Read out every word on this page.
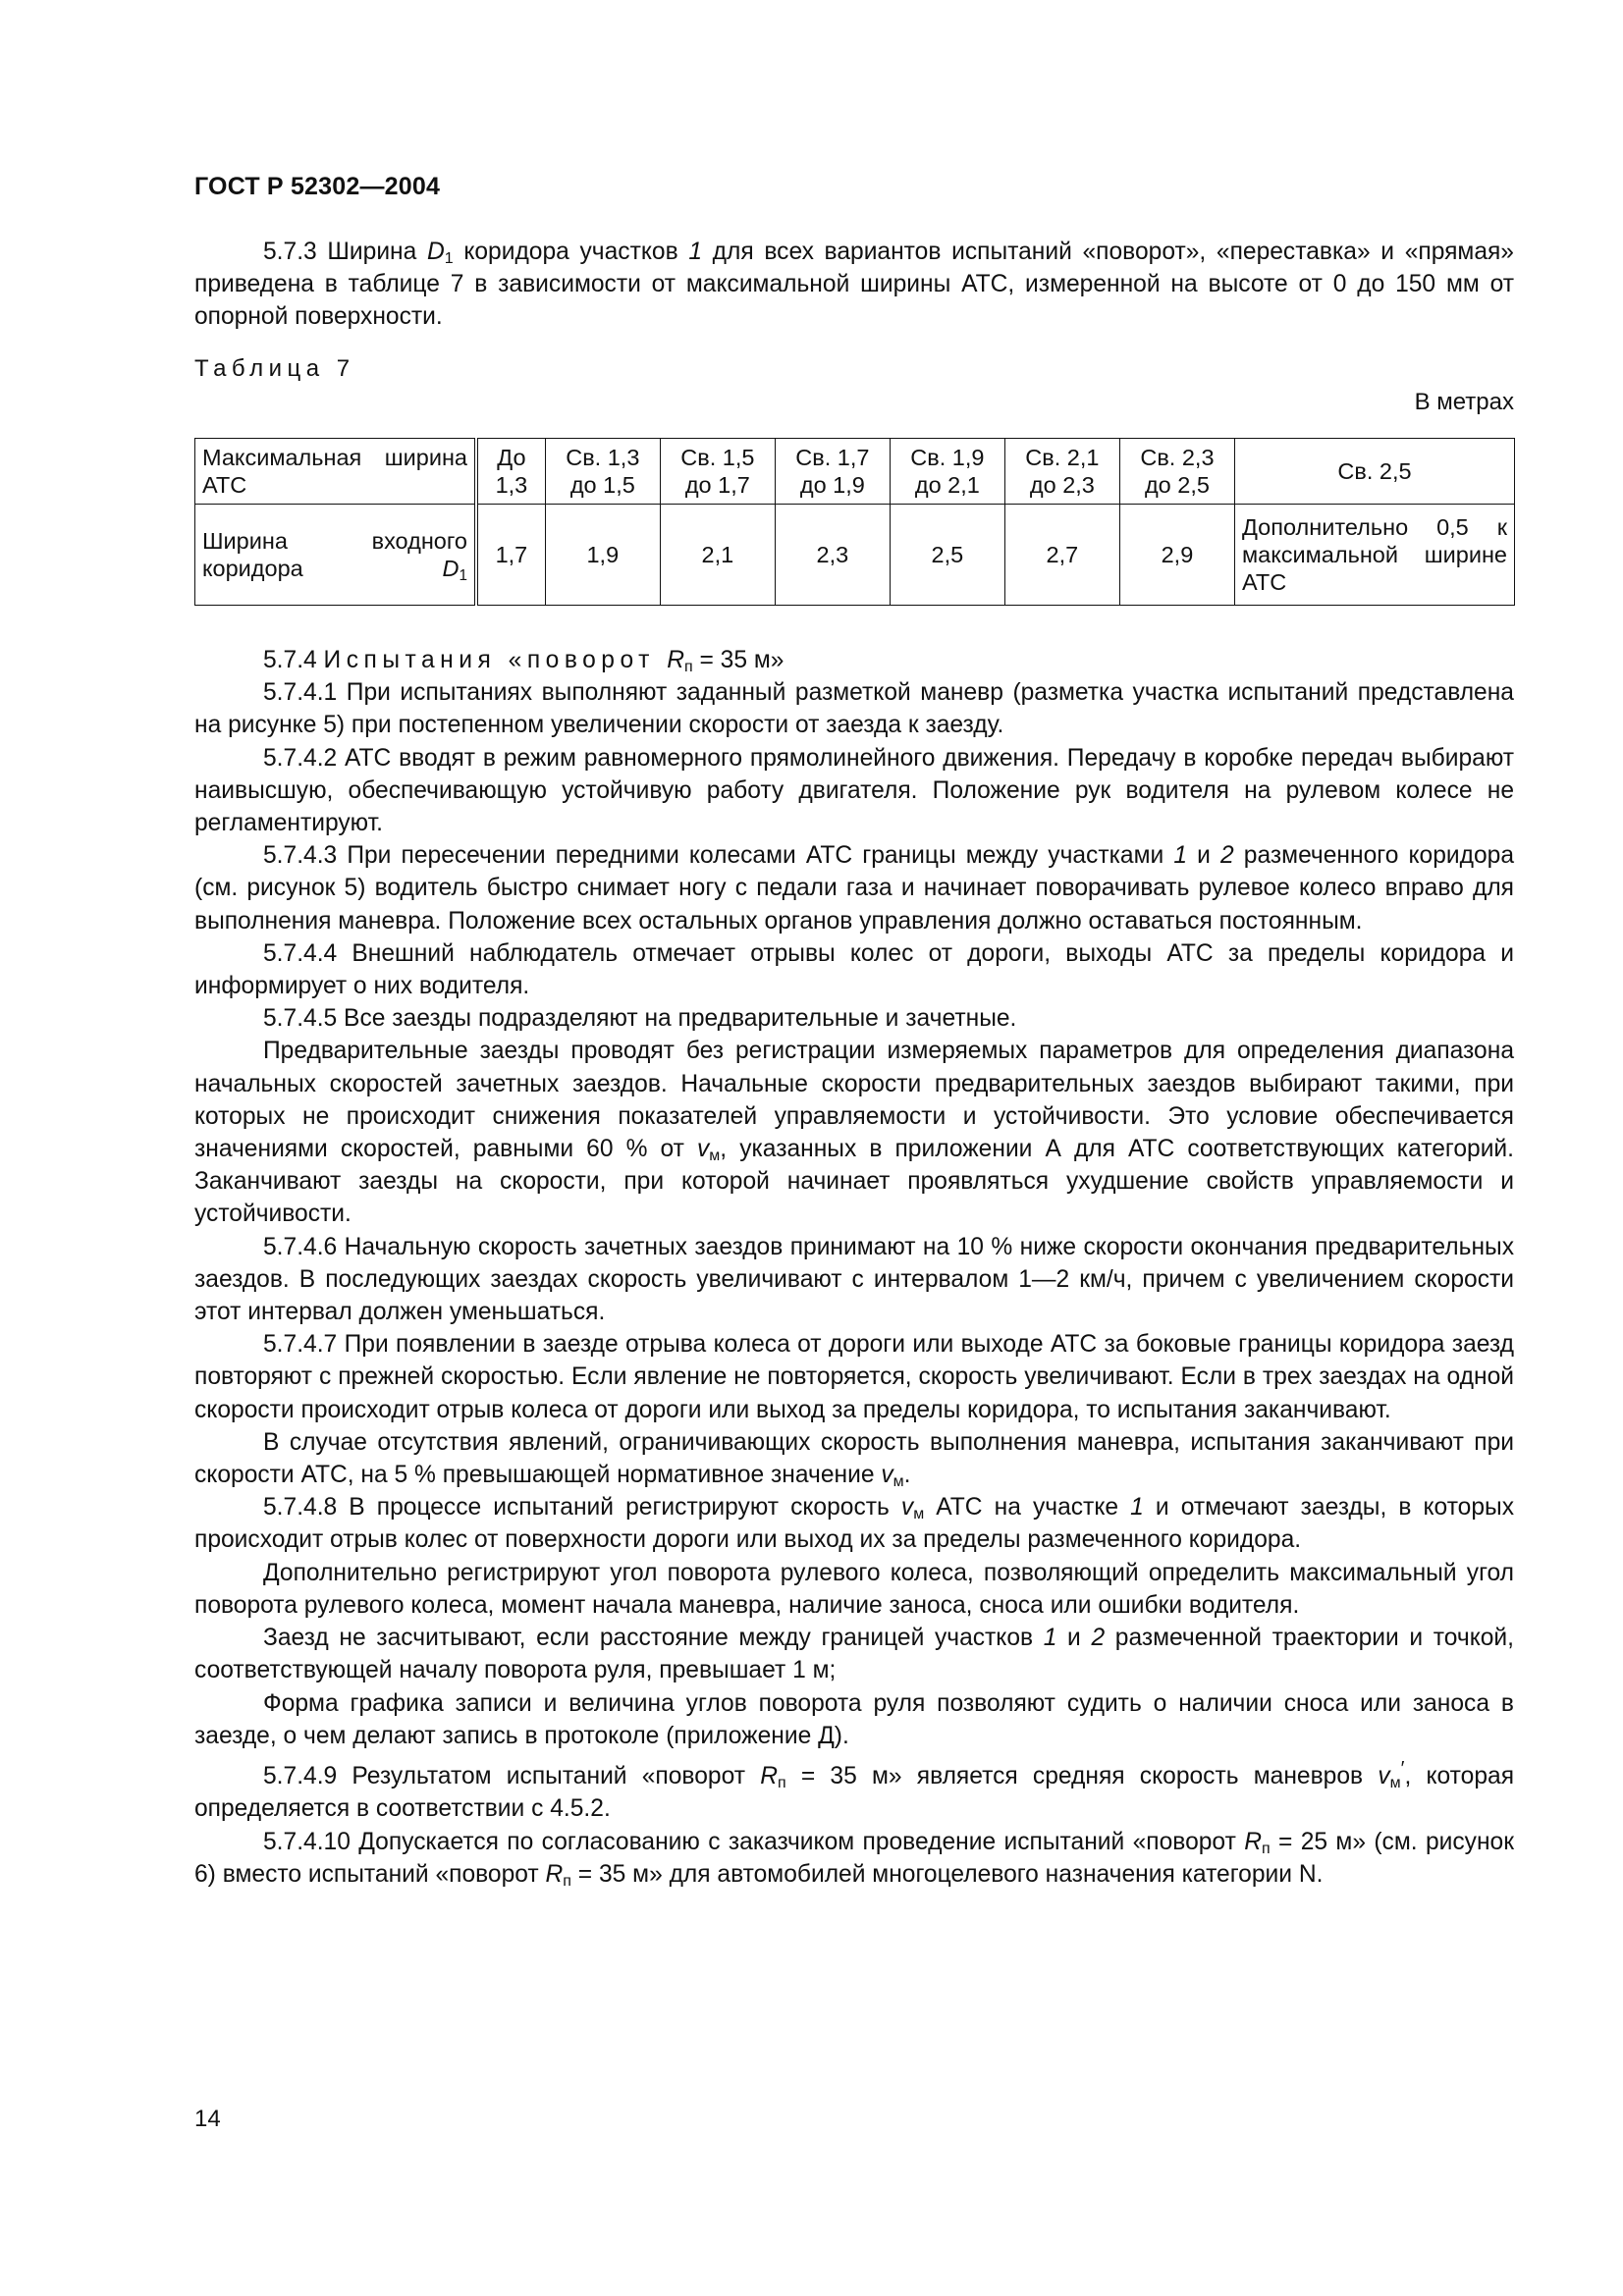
ГОСТ Р 52302—2004

5.7.3 Ширина $D_1$ коридора участков 1 для всех вариантов испытаний «поворот», «переставка» и «прямая» приведена в таблице 7 в зависимости от максимальной ширины АТС, измеренной на высоте от 0 до 150 мм от опорной поверхности.

Таблица 7
В метрах
Максимальная ширина АТС	До 1,3	Св. 1,3 до 1,5	Св. 1,5 до 1,7	Св. 1,7 до 1,9	Св. 1,9 до 2,1	Св. 2,1 до 2,3	Св. 2,3 до 2,5	Св. 2,5

Ширина входного коридора $D_1$	1,7	1,9	2,1	2,3	2,5	2,7	2,9	Дополнительно 0,5 к максимальной ширине АТС

5.7.4 Испытания «поворот $R_п = 35$ м»

5.7.4.1 При испытаниях выполняют заданный разметкой маневр (разметка участка испытаний представлена на рисунке 5) при постепенном увеличении скорости от заезда к заезду.

5.7.4.2 АТС вводят в режим равномерного прямолинейного движения. Передачу в коробке передач выбирают наивысшую, обеспечивающую устойчивую работу двигателя. Положение рук водителя на рулевом колесе не регламентируют.

5.7.4.3 При пересечении передними колесами АТС границы между участками 1 и 2 размеченного коридора (см. рисунок 5) водитель быстро снимает ногу с педали газа и начинает поворачивать рулевое колесо вправо для выполнения маневра. Положение всех остальных органов управления должно оставаться постоянным.

5.7.4.4 Внешний наблюдатель отмечает отрывы колес от дороги, выходы АТС за пределы коридора и информирует о них водителя.

5.7.4.5 Все заезды подразделяют на предварительные и зачетные.

Предварительные заезды проводят без регистрации измеряемых параметров для определения диапазона начальных скоростей зачетных заездов. Начальные скорости предварительных заездов выбирают такими, при которых не происходит снижения показателей управляемости и устойчивости. Это условие обеспечивается значениями скоростей, равными 60 % от $v_м$, указанных в приложении А для АТС соответствующих категорий. Заканчивают заезды на скорости, при которой начинает проявляться ухудшение свойств управляемости и устойчивости.

5.7.4.6 Начальную скорость зачетных заездов принимают на 10 % ниже скорости окончания предварительных заездов. В последующих заездах скорость увеличивают с интервалом 1—2 км/ч, причем с увеличением скорости этот интервал должен уменьшаться.

5.7.4.7 При появлении в заезде отрыва колеса от дороги или выходе АТС за боковые границы коридора заезд повторяют с прежней скоростью. Если явление не повторяется, скорость увеличивают. Если в трех заездах на одной скорости происходит отрыв колеса от дороги или выход за пределы коридора, то испытания заканчивают.

В случае отсутствия явлений, ограничивающих скорость выполнения маневра, испытания заканчивают при скорости АТС, на 5 % превышающей нормативное значение $v_м$.

5.7.4.8 В процессе испытаний регистрируют скорость $v_м$ АТС на участке 1 и отмечают заезды, в которых происходит отрыв колес от поверхности дороги или выход их за пределы размеченного коридора.

Дополнительно регистрируют угол поворота рулевого колеса, позволяющий определить максимальный угол поворота рулевого колеса, момент начала маневра, наличие заноса, сноса или ошибки водителя.

Заезд не засчитывают, если расстояние между границей участков 1 и 2 размеченной траектории и точкой, соответствующей началу поворота руля, превышает 1 м;

Форма графика записи и величина углов поворота руля позволяют судить о наличии сноса или заноса в заезде, о чем делают запись в протоколе (приложение Д).

5.7.4.9 Результатом испытаний «поворот $R_п = 35$ м» является средняя скорость маневров $v_м'$, которая определяется в соответствии с 4.5.2.

5.7.4.10 Допускается по согласованию с заказчиком проведение испытаний «поворот $R_п = 25$ м» (см. рисунок 6) вместо испытаний «поворот $R_п = 35$ м» для автомобилей многоцелевого назначения категории N.

14
